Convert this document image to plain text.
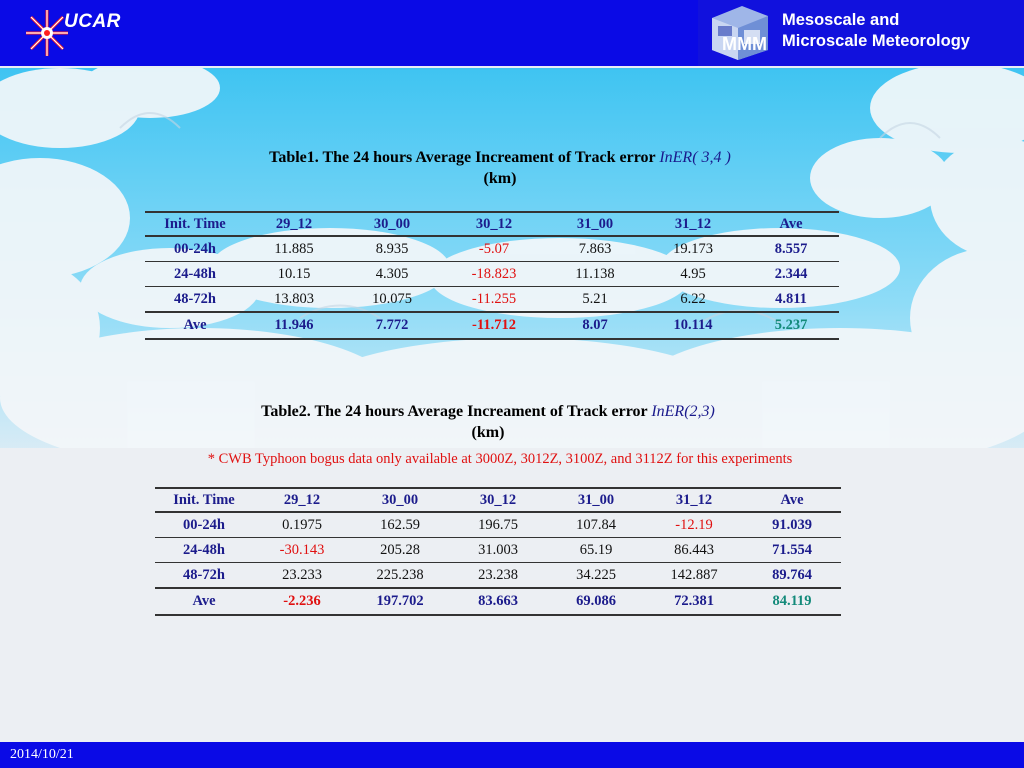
UCAR
MMM
Mesoscale and
Microscale Meteorology
Table1. The 24 hours Average Increament of Track error InER( 3,4 )
(km)
Init. Time	29_12	30_00	30_12	31_00	31_12	Ave
00-24h	11.885	8.935	-5.07	7.863	19.173	8.557
24-48h	10.15	4.305	-18.823	11.138	4.95	2.344
48-72h	13.803	10.075	-11.255	5.21	6.22	4.811
Ave	11.946	7.772	-11.712	8.07	10.114	5.237
Table2. The 24 hours Average Increament of Track error InER(2,3)
(km)
* CWB Typhoon bogus data only available at 3000Z, 3012Z, 3100Z, and 3112Z for this experiments
Init. Time	29_12	30_00	30_12	31_00	31_12	Ave
00-24h	0.1975	162.59	196.75	107.84	-12.19	91.039
24-48h	-30.143	205.28	31.003	65.19	86.443	71.554
48-72h	23.233	225.238	23.238	34.225	142.887	89.764
Ave	-2.236	197.702	83.663	69.086	72.381	84.119
2014/10/21
